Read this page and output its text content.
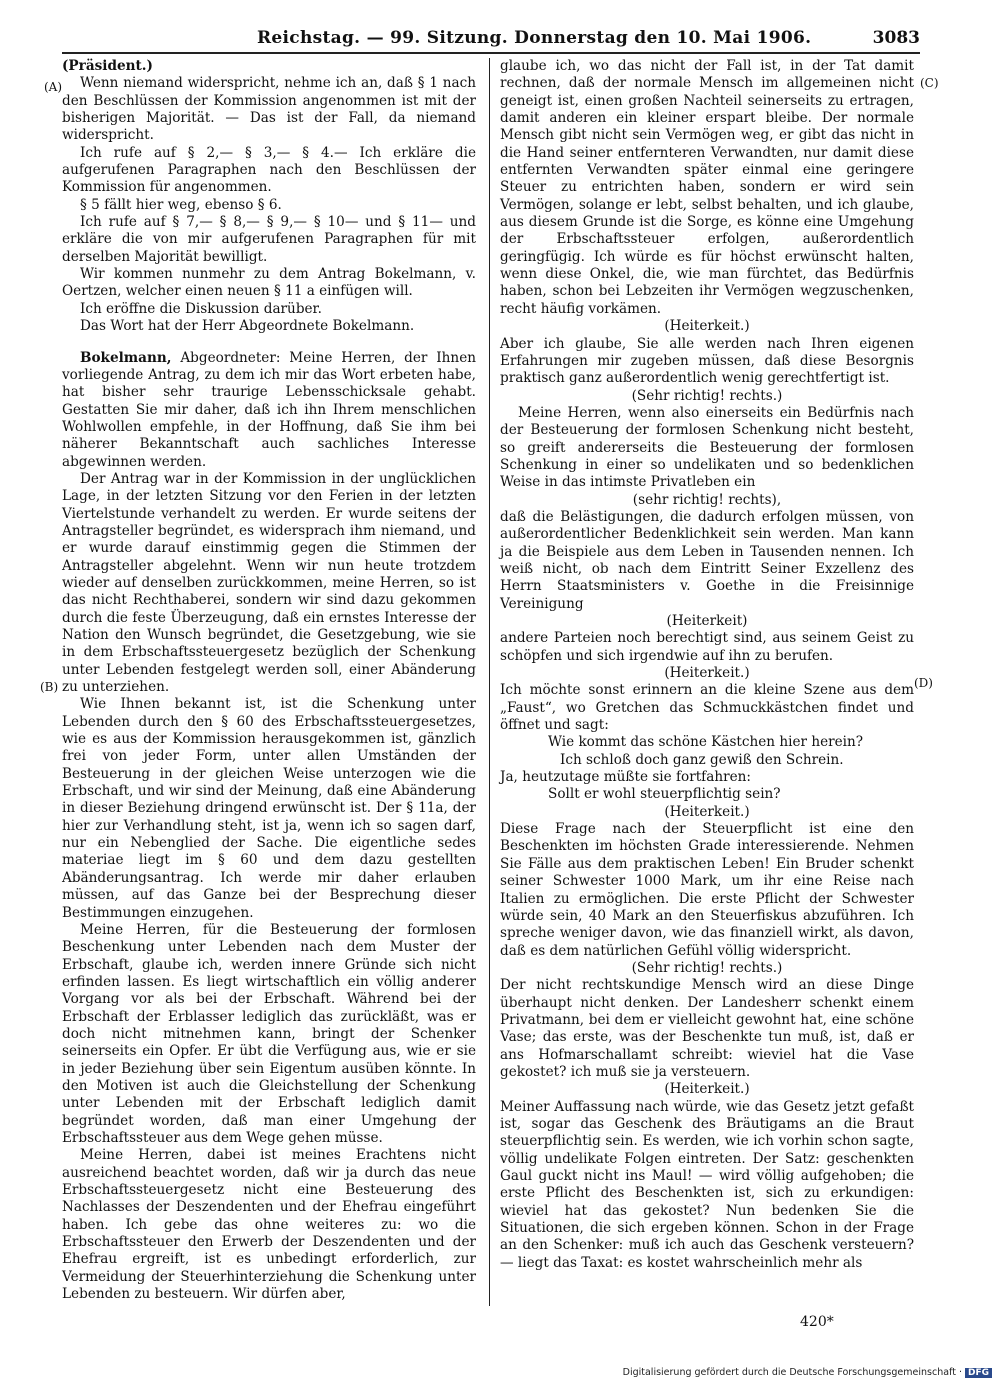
Reichstag. — 99. Sitzung. Donnerstag den 10. Mai 1906.	3083
(A)
(B)
(C)
(D)

(Präsident.)

Wenn niemand widerspricht, nehme ich an, daß § 1 nach den Beschlüssen der Kommission angenommen ist mit der bisherigen Majorität. — Das ist der Fall, da niemand widerspricht.

Ich rufe auf § 2,— § 3,— § 4.— Ich erkläre die aufgerufenen Paragraphen nach den Beschlüssen der Kommission für angenommen.

§ 5 fällt hier weg, ebenso § 6.

Ich rufe auf § 7,— § 8,— § 9,— § 10— und § 11— und erkläre die von mir aufgerufenen Paragraphen für mit derselben Majorität bewilligt.

Wir kommen nunmehr zu dem Antrag Bokelmann, v. Oertzen, welcher einen neuen § 11 a einfügen will.

Ich eröffne die Diskussion darüber.

Das Wort hat der Herr Abgeordnete Bokelmann.

Bokelmann, Abgeordneter: Meine Herren, der Ihnen vorliegende Antrag, zu dem ich mir das Wort erbeten habe, hat bisher sehr traurige Lebensschicksale gehabt. Gestatten Sie mir daher, daß ich ihn Ihrem menschlichen Wohlwollen empfehle, in der Hoffnung, daß Sie ihm bei näherer Bekanntschaft auch sachliches Interesse abgewinnen werden.

Der Antrag war in der Kommission in der unglücklichen Lage, in der letzten Sitzung vor den Ferien in der letzten Viertelstunde verhandelt zu werden. Er wurde seitens der Antragsteller begründet, es widersprach ihm niemand, und er wurde darauf einstimmig gegen die Stimmen der Antragsteller abgelehnt. Wenn wir nun heute trotzdem wieder auf denselben zurückkommen, meine Herren, so ist das nicht Rechthaberei, sondern wir sind dazu gekommen durch die feste Überzeugung, daß ein ernstes Interesse der Nation den Wunsch begründet, die Gesetzgebung, wie sie in dem Erbschaftssteuergesetz bezüglich der Schenkung unter Lebenden festgelegt werden soll, einer Abänderung zu unterziehen.

Wie Ihnen bekannt ist, ist die Schenkung unter Lebenden durch den § 60 des Erbschaftssteuergesetzes, wie es aus der Kommission herausgekommen ist, gänzlich frei von jeder Form, unter allen Umständen der Besteuerung in der gleichen Weise unterzogen wie die Erbschaft, und wir sind der Meinung, daß eine Abänderung in dieser Beziehung dringend erwünscht ist. Der § 11a, der hier zur Verhandlung steht, ist ja, wenn ich so sagen darf, nur ein Nebenglied der Sache. Die eigentliche sedes materiae liegt im § 60 und dem dazu gestellten Abänderungsantrag. Ich werde mir daher erlauben müssen, auf das Ganze bei der Besprechung dieser Bestimmungen einzugehen.

Meine Herren, für die Besteuerung der formlosen Beschenkung unter Lebenden nach dem Muster der Erbschaft, glaube ich, werden innere Gründe sich nicht erfinden lassen. Es liegt wirtschaftlich ein völlig anderer Vorgang vor als bei der Erbschaft. Während bei der Erbschaft der Erblasser lediglich das zurückläßt, was er doch nicht mitnehmen kann, bringt der Schenker seinerseits ein Opfer. Er übt die Verfügung aus, wie er sie in jeder Beziehung über sein Eigentum ausüben könnte. In den Motiven ist auch die Gleichstellung der Schenkung unter Lebenden mit der Erbschaft lediglich damit begründet worden, daß man einer Umgehung der Erbschaftssteuer aus dem Wege gehen müsse.

Meine Herren, dabei ist meines Erachtens nicht ausreichend beachtet worden, daß wir ja durch das neue Erbschaftssteuergesetz nicht eine Besteuerung des Nachlasses der Deszendenten und der Ehefrau eingeführt haben. Ich gebe das ohne weiteres zu: wo die Erbschaftssteuer den Erwerb der Deszendenten und der Ehefrau ergreift, ist es unbedingt erforderlich, zur Vermeidung der Steuerhinterziehung die Schenkung unter Lebenden zu besteuern. Wir dürfen aber,

glaube ich, wo das nicht der Fall ist, in der Tat damit rechnen, daß der normale Mensch im allgemeinen nicht geneigt ist, einen großen Nachteil seinerseits zu ertragen, damit anderen ein kleiner erspart bleibe. Der normale Mensch gibt nicht sein Vermögen weg, er gibt das nicht in die Hand seiner entfernteren Verwandten, nur damit diese entfernten Verwandten später einmal eine geringere Steuer zu entrichten haben, sondern er wird sein Vermögen, solange er lebt, selbst behalten, und ich glaube, aus diesem Grunde ist die Sorge, es könne eine Umgehung der Erbschaftssteuer erfolgen, außerordentlich geringfügig. Ich würde es für höchst erwünscht halten, wenn diese Onkel, die, wie man fürchtet, das Bedürfnis haben, schon bei Lebzeiten ihr Vermögen wegzuschenken, recht häufig vorkämen.

(Heiterkeit.)

Aber ich glaube, Sie alle werden nach Ihren eigenen Erfahrungen mir zugeben müssen, daß diese Besorgnis praktisch ganz außerordentlich wenig gerechtfertigt ist.

(Sehr richtig! rechts.)

Meine Herren, wenn also einerseits ein Bedürfnis nach der Besteuerung der formlosen Schenkung nicht besteht, so greift andererseits die Besteuerung der formlosen Schenkung in einer so undelikaten und so bedenklichen Weise in das intimste Privatleben ein

(sehr richtig! rechts),

daß die Belästigungen, die dadurch erfolgen müssen, von außerordentlicher Bedenklichkeit sein werden. Man kann ja die Beispiele aus dem Leben in Tausenden nennen. Ich weiß nicht, ob nach dem Eintritt Seiner Exzellenz des Herrn Staatsministers v. Goethe in die Freisinnige Vereinigung

(Heiterkeit)

andere Parteien noch berechtigt sind, aus seinem Geist zu schöpfen und sich irgendwie auf ihn zu berufen.

(Heiterkeit.)

Ich möchte sonst erinnern an die kleine Szene aus dem „Faust“, wo Gretchen das Schmuckkästchen findet und öffnet und sagt:

Wie kommt das schöne Kästchen hier herein?

Ich schloß doch ganz gewiß den Schrein.

Ja, heutzutage müßte sie fortfahren:

Sollt er wohl steuerpflichtig sein?

(Heiterkeit.)

Diese Frage nach der Steuerpflicht ist eine den Beschenkten im höchsten Grade interessierende. Nehmen Sie Fälle aus dem praktischen Leben! Ein Bruder schenkt seiner Schwester 1000 Mark, um ihr eine Reise nach Italien zu ermöglichen. Die erste Pflicht der Schwester würde sein, 40 Mark an den Steuerfiskus abzuführen. Ich spreche weniger davon, wie das finanziell wirkt, als davon, daß es dem natürlichen Gefühl völlig widerspricht.

(Sehr richtig! rechts.)

Der nicht rechtskundige Mensch wird an diese Dinge überhaupt nicht denken. Der Landesherr schenkt einem Privatmann, bei dem er vielleicht gewohnt hat, eine schöne Vase; das erste, was der Beschenkte tun muß, ist, daß er ans Hofmarschallamt schreibt: wieviel hat die Vase gekostet? ich muß sie ja versteuern.

(Heiterkeit.)

Meiner Auffassung nach würde, wie das Gesetz jetzt gefaßt ist, sogar das Geschenk des Bräutigams an die Braut steuerpflichtig sein. Es werden, wie ich vorhin schon sagte, völlig undelikate Folgen eintreten. Der Satz: geschenkten Gaul guckt nicht ins Maul! — wird völlig aufgehoben; die erste Pflicht des Beschenkten ist, sich zu erkundigen: wieviel hat das gekostet? Nun bedenken Sie die Situationen, die sich ergeben können. Schon in der Frage an den Schenker: muß ich auch das Geschenk versteuern? — liegt das Taxat: es kostet wahrscheinlich mehr als

420*
Digitalisierung gefördert durch die Deutsche Forschungsgemeinschaft · DFG
